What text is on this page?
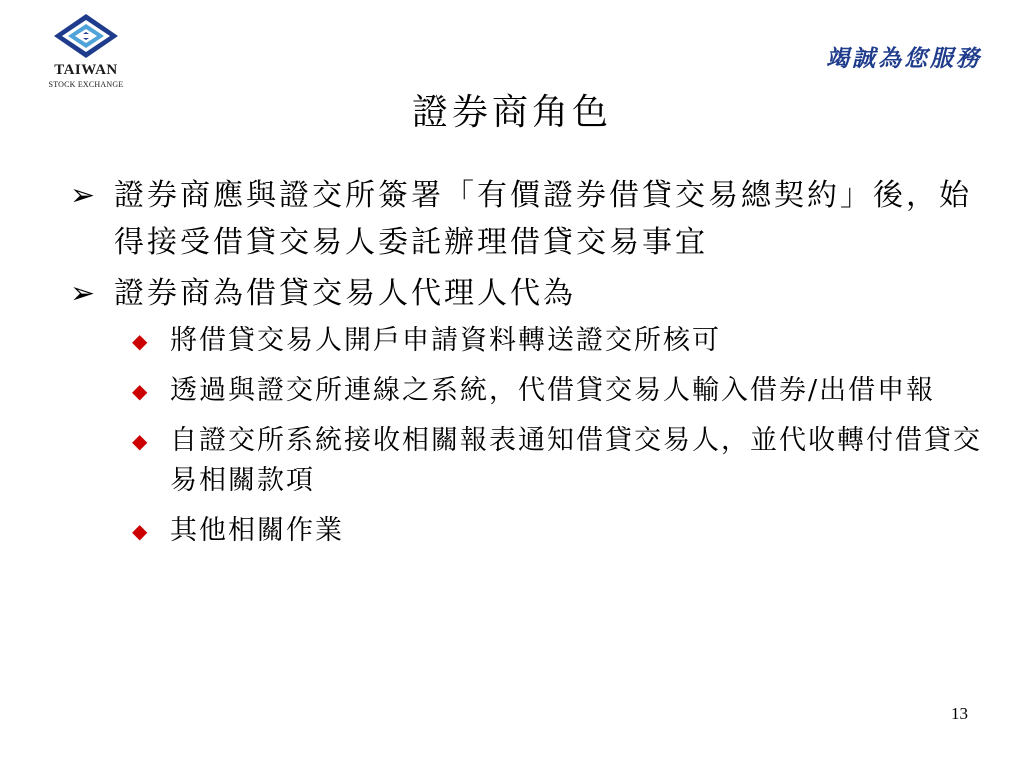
TAIWAN
STOCK EXCHANGE
竭誠為您服務
證券商角色
➢ 證券商應與證交所簽署「有價證券借貸交易總契約」後，始得接受借貸交易人委託辦理借貸交易事宜
➢ 證券商為借貸交易人代理人代為
◆ 將借貸交易人開戶申請資料轉送證交所核可
◆ 透過與證交所連線之系統，代借貸交易人輸入借券/出借申報
◆ 自證交所系統接收相關報表通知借貸交易人，並代收轉付借貸交易相關款項
◆ 其他相關作業
13
